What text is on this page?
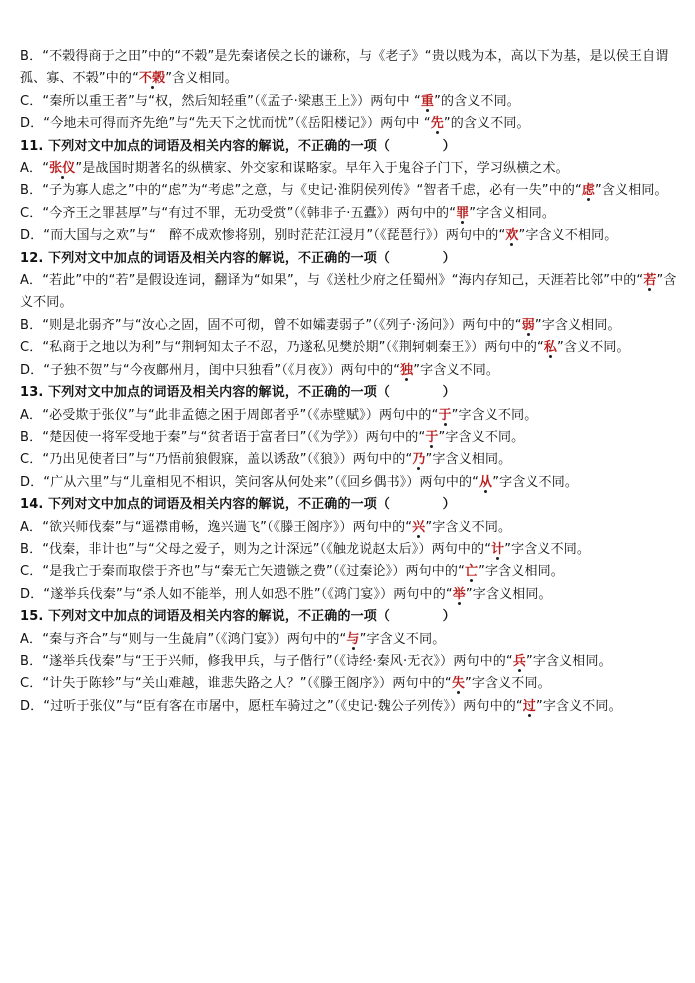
B．“不榖得商于之田”中的“不榖”是先秦诸侯之长的谦称，与《老子》“贵以贱为本，高以下为基，是以侯王自谓孤、寡、不榖”中的“不榖”含义相同。
C．“秦所以重王者”与“权，然后知轻重”（《孟子·梁惠王上》）两句中 “重”的含义不同。
D．“今地未可得而齐先绝”与“先天下之忧而忧”（《岳阳楼记》）两句中 “先”的含义不同。
11. 下列对文中加点的词语及相关内容的解说，不正确的一项（　　　　）
A．“张仪”是战国时期著名的纵横家、外交家和谋略家。早年入于鬼谷子门下，学习纵横之术。
B．“子为寡人虑之”中的“虑”为“考虑”之意，与《史记·淮阴侯列传》“智者千虑，必有一失”中的“虑”含义相同。
C．“今齐王之罪甚厚”与“有过不罪，无功受赏”（《韩非子·五蠹》）两句中的“罪”字含义相同。
D．“而大国与之欢”与“　醉不成欢惨将别，别时茫茫江浸月”（《琵琶行》）两句中的“欢”字含义不相同。
12. 下列对文中加点的词语及相关内容的解说，不正确的一项（　　　　）
A．“若此”中的“若”是假设连词，翻译为“如果”，与《送杜少府之任蜀州》“海内存知己，天涯若比邻”中的“若”含义不同。
B．“则是北弱齐”与“汝心之固，固不可彻，曾不如孀妻弱子”（《列子·汤问》）两句中的“弱”字含义相同。
C．“私商于之地以为利”与“荆轲知太子不忍，乃遂私见樊於期”（《荆轲刺秦王》）两句中的“私”含义不同。
D．“子独不贺”与“今夜鄜州月，闺中只独看”（《月夜》）两句中的“独”字含义不同。
13. 下列对文中加点的词语及相关内容的解说，不正确的一项（　　　　）
A．“必受欺于张仪”与“此非孟德之困于周郎者乎”（《赤壁赋》）两句中的“于”字含义不同。
B．“楚因使一将军受地于秦”与“贫者语于富者曰”（《为学》）两句中的“于”字含义不同。
C．“乃出见使者曰”与“乃悟前狼假寐，盖以诱敌”（《狼》）两句中的“乃”字含义相同。
D．“广从六里”与“儿童相见不相识，笑问客从何处来”（《回乡偶书》）两句中的“从”字含义不同。
14. 下列对文中加点的词语及相关内容的解说，不正确的一项（　　　　）
A．“欲兴师伐秦”与“遥襟甫畅，逸兴遄飞”（《滕王阁序》）两句中的“兴”字含义不同。
B．“伐秦，非计也”与“父母之爱子，则为之计深远”（《触龙说赵太后》）两句中的“计”字含义不同。
C．“是我亡于秦而取偿于齐也”与“秦无亡矢遗镞之费”（《过秦论》）两句中的“亡”字含义相同。
D．“遂举兵伐秦”与“杀人如不能举，刑人如恐不胜”（《鸿门宴》）两句中的“举”字含义相同。
15. 下列对文中加点的词语及相关内容的解说，不正确的一项（　　　　）
A．“秦与齐合”与“则与一生彘肩”（《鸿门宴》）两句中的“与”字含义不同。
B．“遂举兵伐秦”与“王于兴师，修我甲兵，与子偕行”（《诗经·秦风·无衣》）两句中的“兵”字含义相同。
C．“计失于陈轸”与“关山难越，谁悲失路之人？”（《滕王阁序》）两句中的“失”字含义不同。
D．“过听于张仪”与“臣有客在市屠中，愿枉车骑过之”（《史记·魏公子列传》）两句中的“过”字含义不同。
